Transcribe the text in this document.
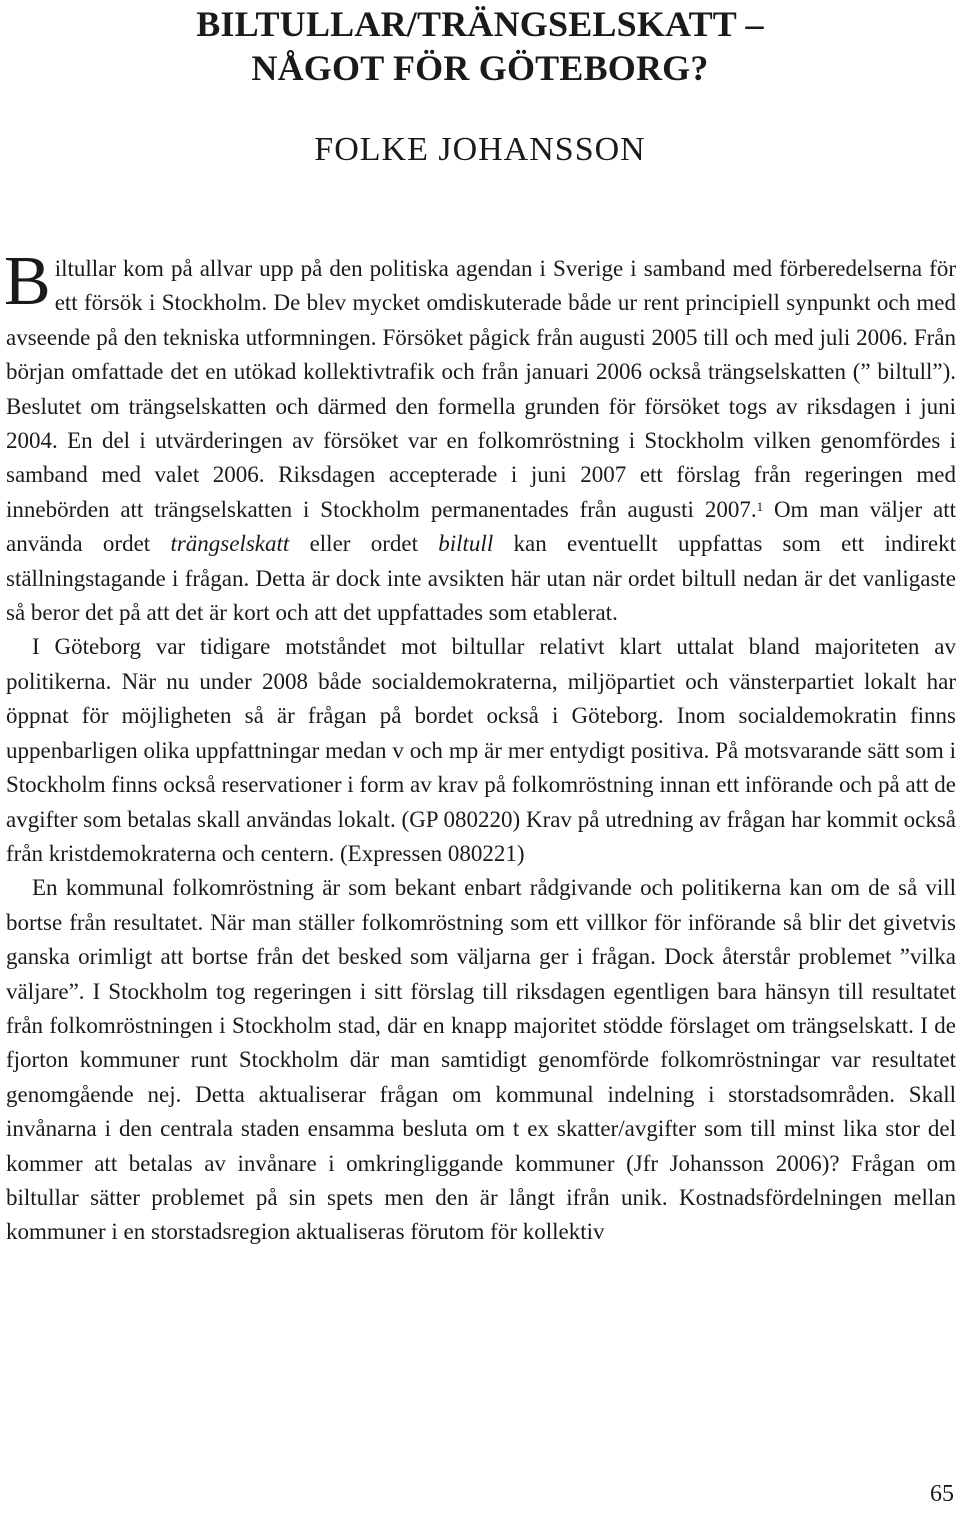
BILTULLAR/TRÄNGSELSKATT –
NÅGOT FÖR GÖTEBORG?
FOLKE JOHANSSON

Biltullar kom på allvar upp på den politiska agendan i Sverige i samband med förberedelserna för ett försök i Stockholm. De blev mycket omdiskuterade både ur rent principiell synpunkt och med avseende på den tekniska utformningen. Försöket pågick från augusti 2005 till och med juli 2006. Från början omfattade det en utökad kollektivtrafik och från januari 2006 också trängselskatten (” biltull”). Beslutet om trängselskatten och därmed den formella grunden för försöket togs av riksdagen i juni 2004. En del i utvärderingen av försöket var en folkomröstning i Stockholm vilken genomfördes i samband med valet 2006. Riksdagen accepterade i juni 2007 ett förslag från regeringen med innebörden att trängselskatten i Stockholm permanentades från augusti 2007.$^1$ Om man väljer att använda ordet trängselskatt eller ordet biltull kan eventuellt uppfattas som ett indirekt ställningstagande i frågan. Detta är dock inte avsikten här utan när ordet biltull nedan är det vanligaste så beror det på att det är kort och att det uppfattades som etablerat.

I Göteborg var tidigare motståndet mot biltullar relativt klart uttalat bland majoriteten av politikerna. När nu under 2008 både socialdemokraterna, miljöpartiet och vänsterpartiet lokalt har öppnat för möjligheten så är frågan på bordet också i Göteborg. Inom socialdemokratin finns uppenbarligen olika uppfattningar medan v och mp är mer entydigt positiva. På motsvarande sätt som i Stockholm finns också reservationer i form av krav på folkomröstning innan ett införande och på att de avgifter som betalas skall användas lokalt. (GP 080220) Krav på utredning av frågan har kommit också från kristdemokraterna och centern. (Expressen 080221)

En kommunal folkomröstning är som bekant enbart rådgivande och politikerna kan om de så vill bortse från resultatet. När man ställer folkomröstning som ett villkor för införande så blir det givetvis ganska orimligt att bortse från det besked som väljarna ger i frågan. Dock återstår problemet ”vilka väljare”. I Stockholm tog regeringen i sitt förslag till riksdagen egentligen bara hänsyn till resultatet från folkomröstningen i Stockholm stad, där en knapp majoritet stödde förslaget om trängselskatt. I de fjorton kommuner runt Stockholm där man samtidigt genomförde folkomröstningar var resultatet genomgående nej. Detta aktualiserar frågan om kommunal indelning i storstadsområden. Skall invånarna i den centrala staden ensamma besluta om t ex skatter/avgifter som till minst lika stor del kommer att betalas av invånare i omkringliggande kommuner (Jfr Johansson 2006)? Frågan om biltullar sätter problemet på sin spets men den är långt ifrån unik. Kostnadsfördelningen mellan kommuner i en storstadsregion aktualiseras förutom för kollektiv

65
